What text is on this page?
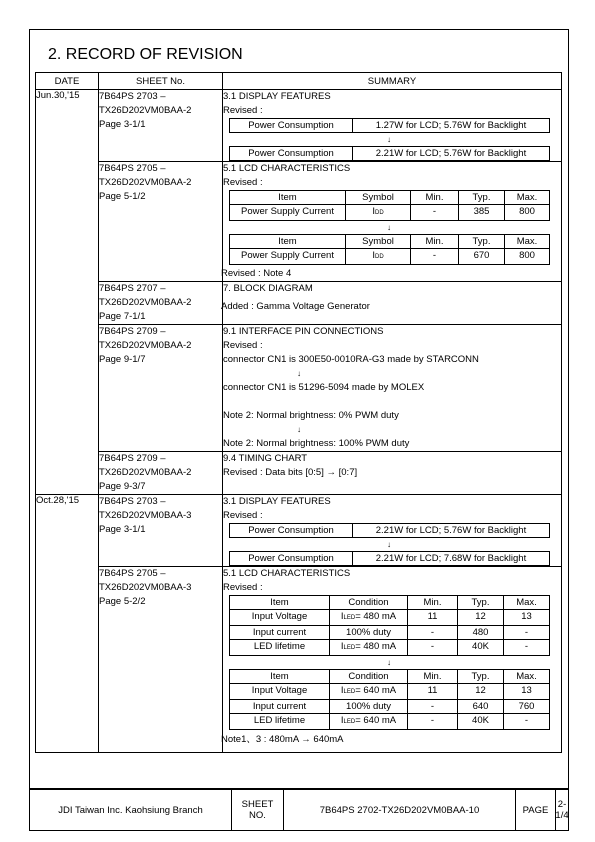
2. RECORD OF REVISION
DATE	SHEET No.	SUMMARY
Jun.30,'15	7B64PS 2703 –
TX26D202VM0BAA-2
Page 3-1/1

3.1 DISPLAY FEATURES
Revised :
Power Consumption	1.27W for LCD; 5.76W for Backlight
↓
Power Consumption	2.21W for LCD; 5.76W for Backlight

7B64PS 2705 –
TX26D202VM0BAA-2
Page 5-1/2

5.1 LCD CHARACTERISTICS
Revised :
Item	Symbol	Min.	Typ.	Max.
Power Supply Current	IDD	-	385	800
↓
Item	Symbol	Min.	Typ.	Max.
Power Supply Current	IDD	-	670	800
Revised : Note 4

7B64PS 2707 –
TX26D202VM0BAA-2
Page 7-1/1

7. BLOCK DIAGRAM
Added : Gamma Voltage Generator

7B64PS 2709 –
TX26D202VM0BAA-2
Page 9-1/7

9.1 INTERFACE PIN CONNECTIONS
Revised :
connector CN1 is 300E50-0010RA-G3 made by STARCONN
↓
connector CN1 is 51296-5094 made by MOLEX
Note 2: Normal brightness: 0% PWM duty
↓
Note 2: Normal brightness: 100% PWM duty

7B64PS 2709 –
TX26D202VM0BAA-2
Page 9-3/7

9.4 TIMING CHART
Revised : Data bits [0:5] → [0:7]

Oct.28,'15	7B64PS 2703 –
TX26D202VM0BAA-3
Page 3-1/1

3.1 DISPLAY FEATURES
Revised :
Power Consumption	2.21W for LCD; 5.76W for Backlight
↓
Power Consumption	2.21W for LCD; 7.68W for Backlight

7B64PS 2705 –
TX26D202VM0BAA-3
Page 5-2/2

5.1 LCD CHARACTERISTICS
Revised :
Item	Condition	Min.	Typ.	Max.
Input Voltage	ILED= 480 mA	11	12	13
Input current	100% duty	-	480	-
LED lifetime	ILED= 480 mA	-	40K	-
↓
Item	Condition	Min.	Typ.	Max.
Input Voltage	ILED= 640 mA	11	12	13
Input current	100% duty	-	640	760
LED lifetime	ILED= 640 mA	-	40K	-
Note1、3 : 480mA → 640mA
JDI Taiwan Inc. Kaohsiung Branch	SHEET
NO.	7B64PS 2702-TX26D202VM0BAA-10	PAGE 2-1/4
